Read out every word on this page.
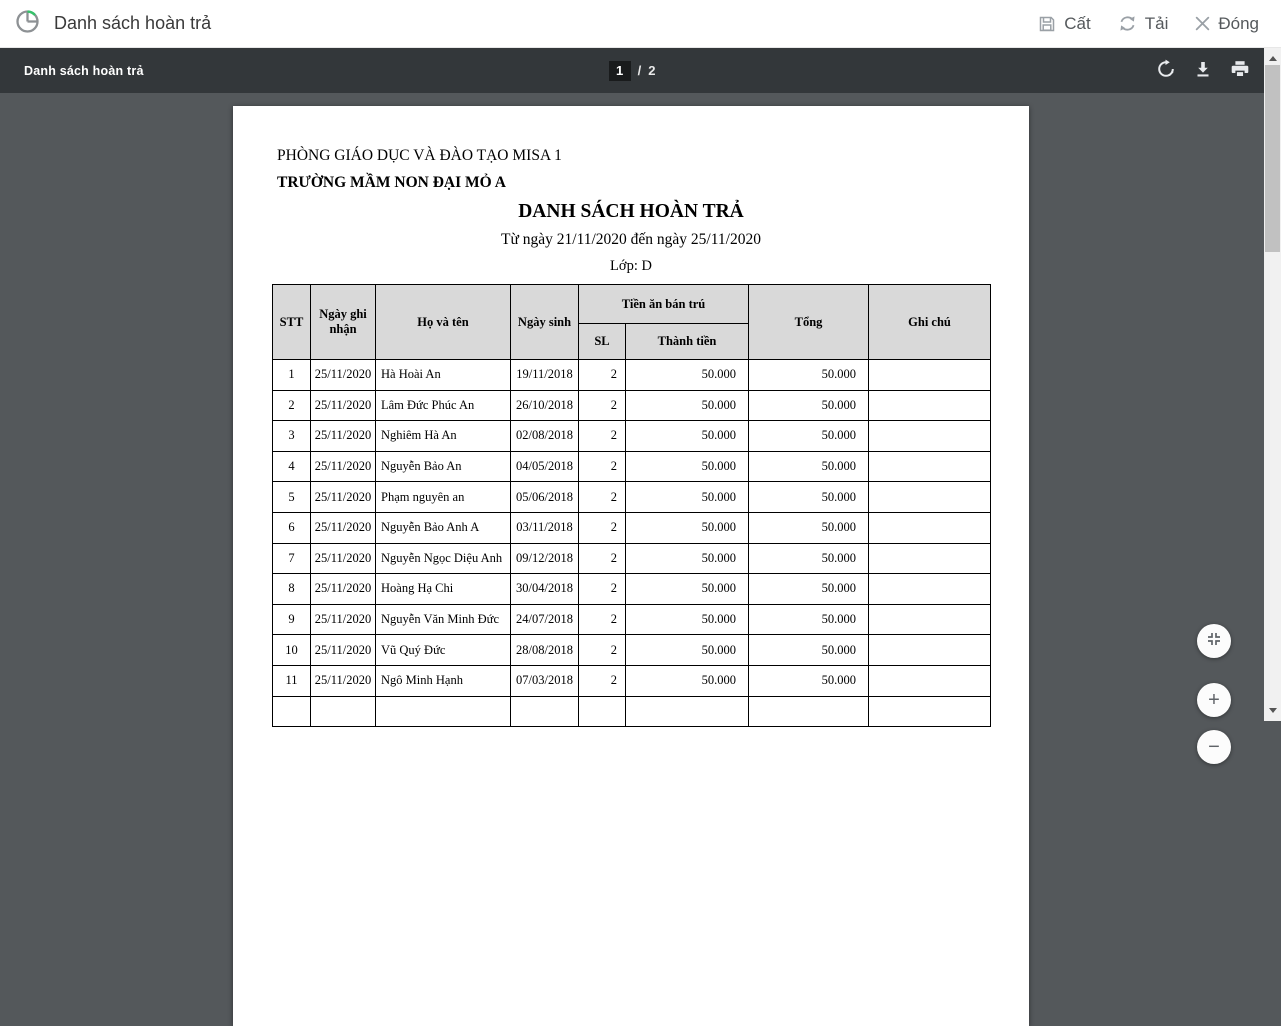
Danh sách hoàn trả	Cất	Tải	Đóng
Danh sách hoàn trả	1	/ 2
PHÒNG GIÁO DỤC VÀ ĐÀO TẠO MISA 1
TRƯỜNG MẦM NON ĐẠI MỎ A
DANH SÁCH HOÀN TRẢ
Từ ngày 21/11/2020 đến ngày 25/11/2020
Lớp: D
STT	Ngày ghi nhận	Họ và tên	Ngày sinh	Tiền ăn bán trú		Tổng	Ghi chú
				SL	Thành tiền		
1	25/11/2020	Hà Hoài An	19/11/2018	2	50.000	50.000	
2	25/11/2020	Lâm Đức Phúc An	26/10/2018	2	50.000	50.000	
3	25/11/2020	Nghiêm Hà An	02/08/2018	2	50.000	50.000	
4	25/11/2020	Nguyễn Bảo An	04/05/2018	2	50.000	50.000	
5	25/11/2020	Phạm nguyên an	05/06/2018	2	50.000	50.000	
6	25/11/2020	Nguyễn Bảo Anh A	03/11/2018	2	50.000	50.000	
7	25/11/2020	Nguyễn Ngọc Diệu Anh	09/12/2018	2	50.000	50.000	
8	25/11/2020	Hoàng Hạ Chi	30/04/2018	2	50.000	50.000	
9	25/11/2020	Nguyễn Văn Minh Đức	24/07/2018	2	50.000	50.000	
10	25/11/2020	Vũ Quý Đức	28/08/2018	2	50.000	50.000	
11	25/11/2020	Ngô Minh Hạnh	07/03/2018	2	50.000	50.000	

+
−
